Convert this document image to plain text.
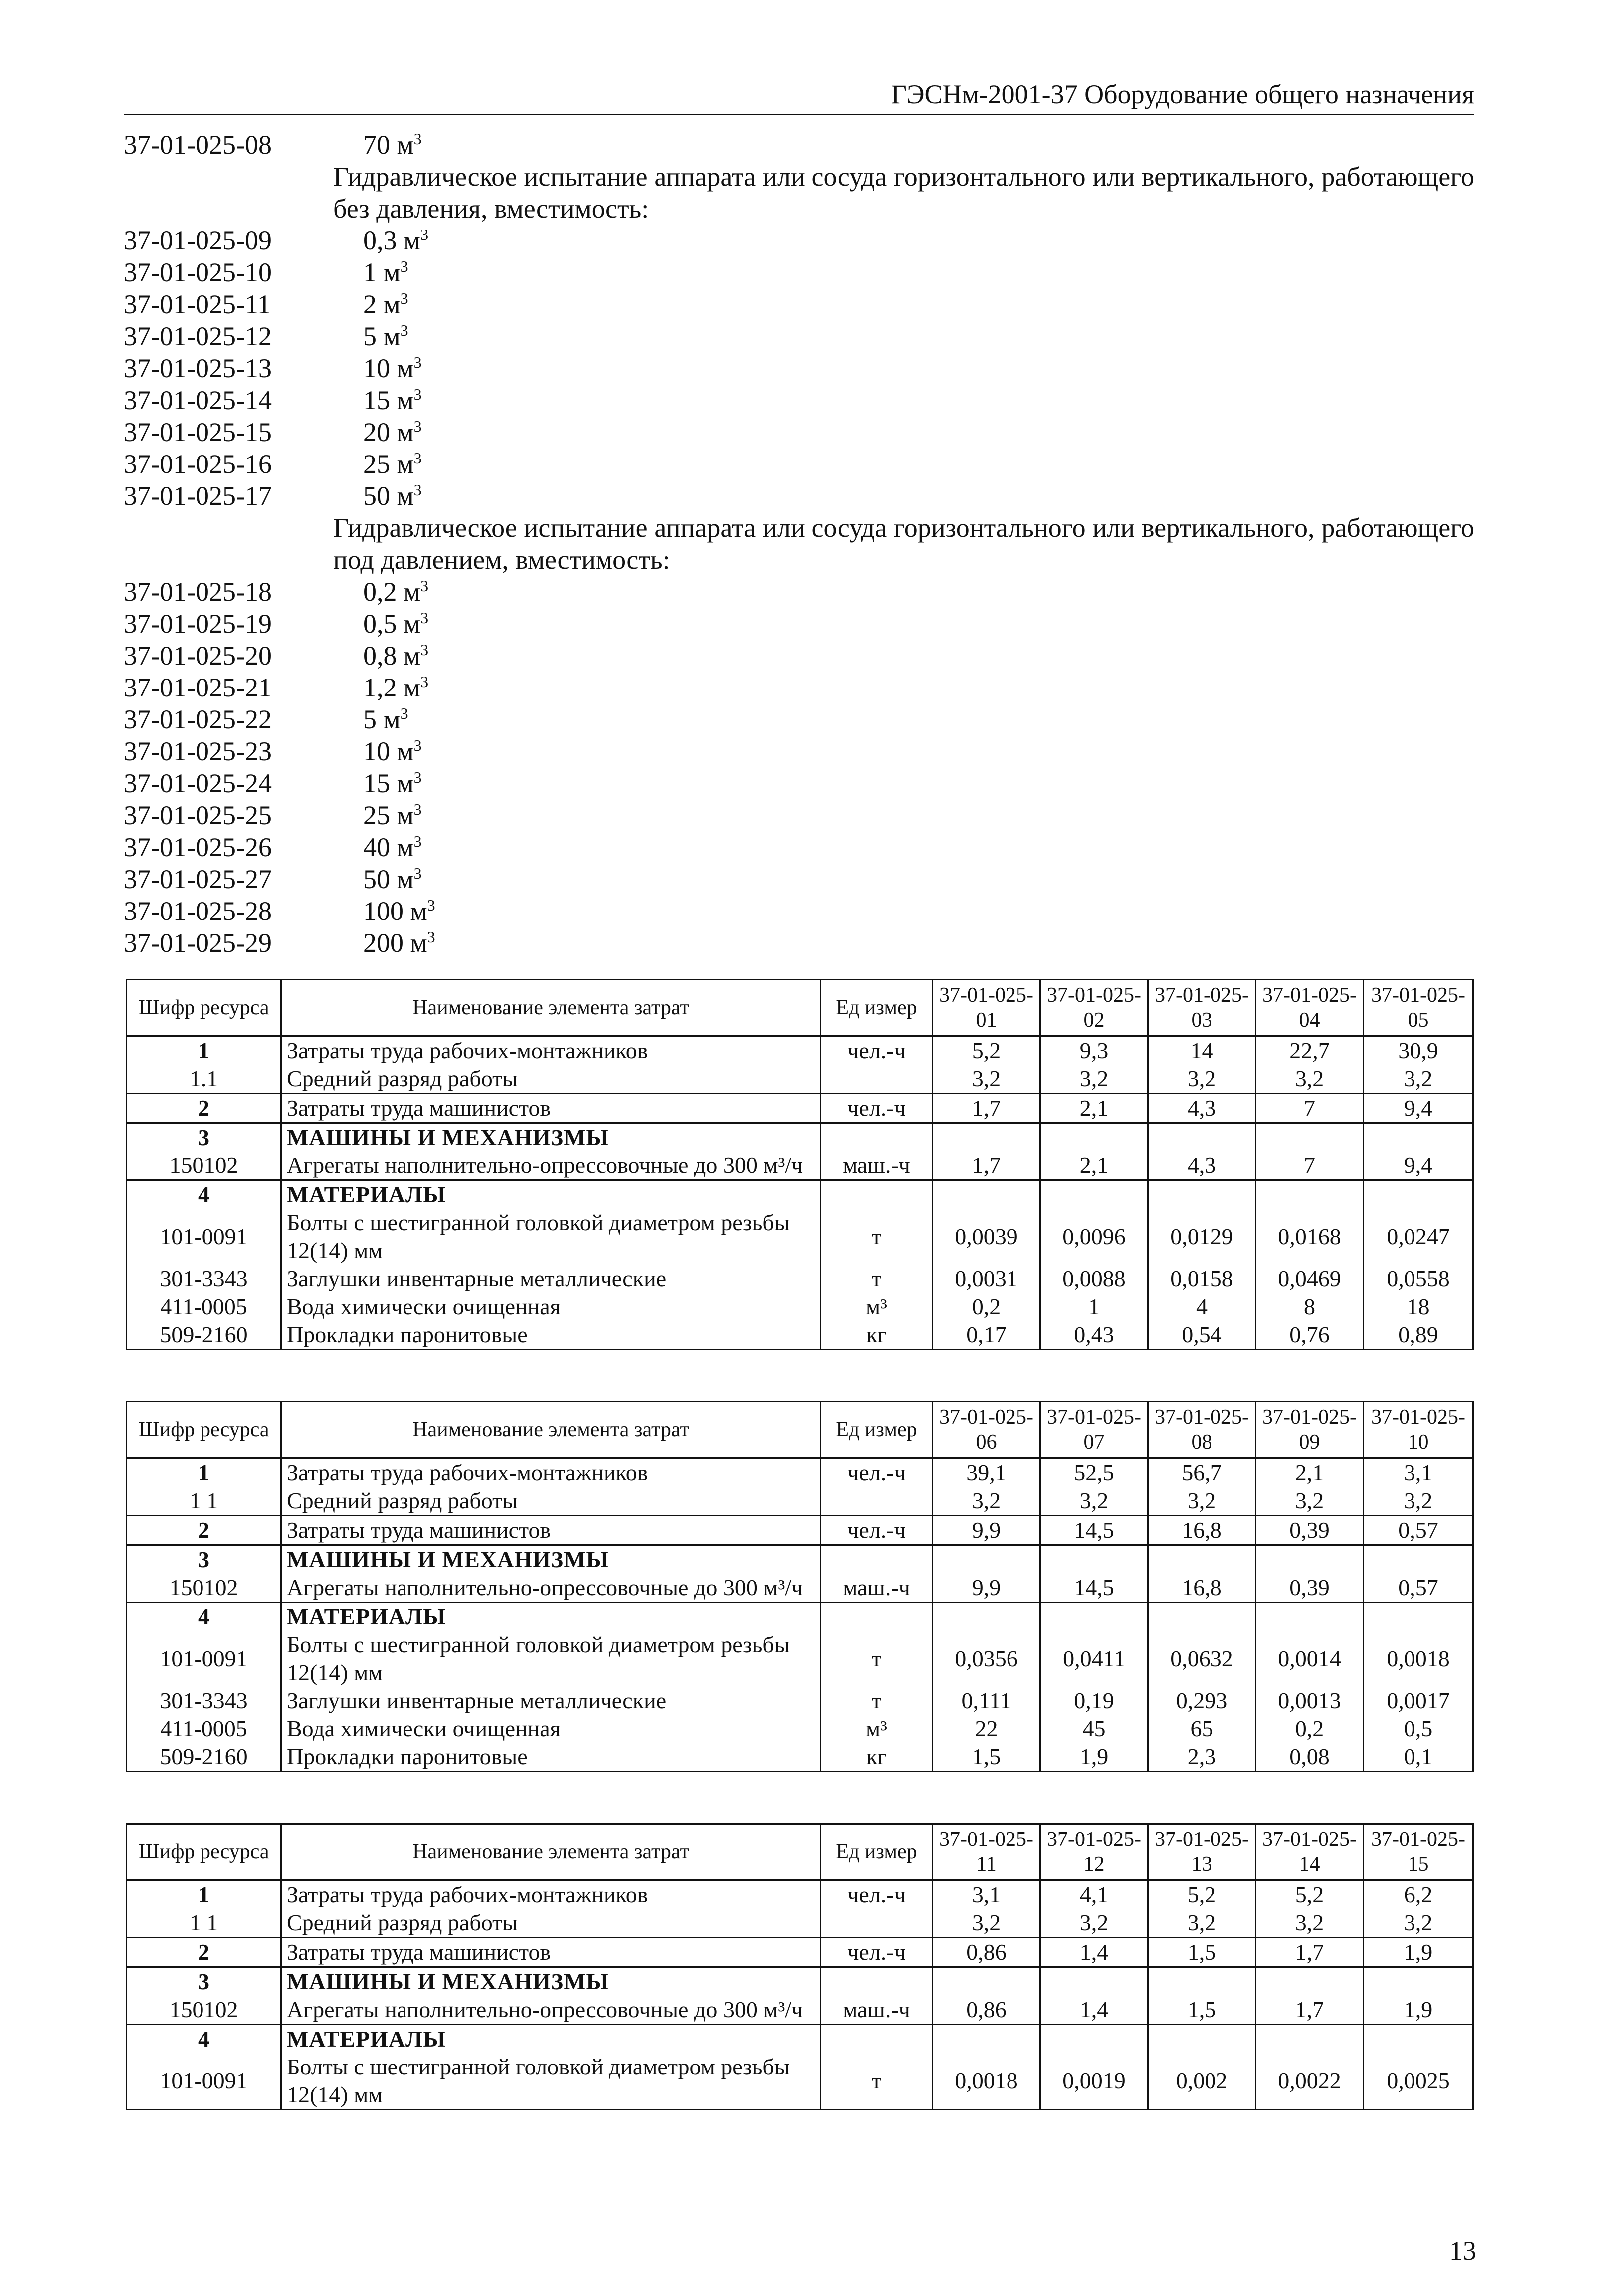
ГЭСНм-2001-37 Оборудование общего назначения
37-01-025-08	70 $м^3$
Гидравлическое испытание аппарата или сосуда горизонтального или вертикального, работающего без давления, вместимость:
37-01-025-09	0,3 $м^3$
37-01-025-10	1 $м^3$
37-01-025-11	2 $м^3$
37-01-025-12	5 $м^3$
37-01-025-13	10 $м^3$
37-01-025-14	15 $м^3$
37-01-025-15	20 $м^3$
37-01-025-16	25 $м^3$
37-01-025-17	50 $м^3$
Гидравлическое испытание аппарата или сосуда горизонтального или вертикального, работающего под давлением, вместимость:
37-01-025-18	0,2 $м^3$
37-01-025-19	0,5 $м^3$
37-01-025-20	0,8 $м^3$
37-01-025-21	1,2 $м^3$
37-01-025-22	5 $м^3$
37-01-025-23	10 $м^3$
37-01-025-24	15 $м^3$
37-01-025-25	25 $м^3$
37-01-025-26	40 $м^3$
37-01-025-27	50 $м^3$
37-01-025-28	100 $м^3$
37-01-025-29	200 $м^3$
Шифр ресурса	Наименование элемента затрат	Ед измер	37-01-025-01	37-01-025-02	37-01-025-03	37-01-025-04	37-01-025-05
1	Затраты труда рабочих-монтажников	чел.-ч	5,2	9,3	14	22,7	30,9
1.1	Средний разряд работы		3,2	3,2	3,2	3,2	3,2
2	Затраты труда машинистов	чел.-ч	1,7	2,1	4,3	7	9,4
3	МАШИНЫ И МЕХАНИЗМЫ						
150102	Агрегаты наполнительно-опрессовочные до 300 м³/ч	маш.-ч	1,7	2,1	4,3	7	9,4
4	МАТЕРИАЛЫ						
101-0091	Болты с шестигранной головкой диаметром резьбы 12(14) мм	т	0,0039	0,0096	0,0129	0,0168	0,0247
301-3343	Заглушки инвентарные металлические	т	0,0031	0,0088	0,0158	0,0469	0,0558
411-0005	Вода химически очищенная	м³	0,2	1	4	8	18
509-2160	Прокладки паронитовые	кг	0,17	0,43	0,54	0,76	0,89
Шифр ресурса	Наименование элемента затрат	Ед измер	37-01-025-06	37-01-025-07	37-01-025-08	37-01-025-09	37-01-025-10
1	Затраты труда рабочих-монтажников	чел.-ч	39,1	52,5	56,7	2,1	3,1
1 1	Средний разряд работы		3,2	3,2	3,2	3,2	3,2
2	Затраты труда машинистов	чел.-ч	9,9	14,5	16,8	0,39	0,57
3	МАШИНЫ И МЕХАНИЗМЫ						
150102	Агрегаты наполнительно-опрессовочные до 300 м³/ч	маш.-ч	9,9	14,5	16,8	0,39	0,57
4	МАТЕРИАЛЫ						
101-0091	Болты с шестигранной головкой диаметром резьбы 12(14) мм	т	0,0356	0,0411	0,0632	0,0014	0,0018
301-3343	Заглушки инвентарные металлические	т	0,111	0,19	0,293	0,0013	0,0017
411-0005	Вода химически очищенная	м³	22	45	65	0,2	0,5
509-2160	Прокладки паронитовые	кг	1,5	1,9	2,3	0,08	0,1
Шифр ресурса	Наименование элемента затрат	Ед измер	37-01-025-11	37-01-025-12	37-01-025-13	37-01-025-14	37-01-025-15
1	Затраты труда рабочих-монтажников	чел.-ч	3,1	4,1	5,2	5,2	6,2
1 1	Средний разряд работы		3,2	3,2	3,2	3,2	3,2
2	Затраты труда машинистов	чел.-ч	0,86	1,4	1,5	1,7	1,9
3	МАШИНЫ И МЕХАНИЗМЫ						
150102	Агрегаты наполнительно-опрессовочные до 300 м³/ч	маш.-ч	0,86	1,4	1,5	1,7	1,9
4	МАТЕРИАЛЫ						
101-0091	Болты с шестигранной головкой диаметром резьбы 12(14) мм	т	0,0018	0,0019	0,002	0,0022	0,0025
13
